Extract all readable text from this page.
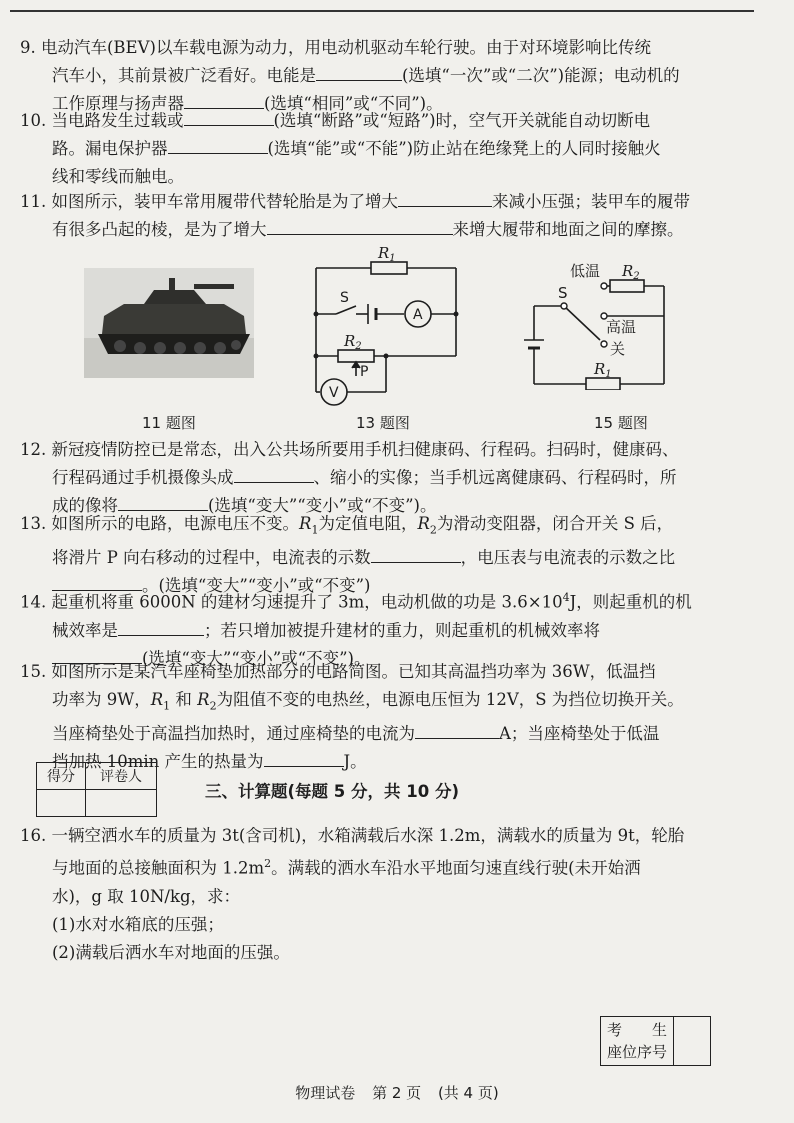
9. 电动汽车(BEV)以车载电源为动力，用电动机驱动车轮行驶。由于对环境影响比传统
汽车小，其前景被广泛看好。电能是	(选填“一次”或“二次”)能源；电动机的
工作原理与扬声器	(选填“相同”或“不同”)。
10. 当电路发生过载或	(选填“断路”或“短路”)时，空气开关就能自动切断电
路。漏电保护器	(选填“能”或“不能”)防止站在绝缘凳上的人同时接触火
线和零线而触电。
11. 如图所示，装甲车常用履带代替轮胎是为了增大	来减小压强；装甲车的履带
有很多凸起的棱，是为了增大	来增大履带和地面之间的摩擦。
$R_1$
$R_2$
S
A
V
P
低温
S
高温
关
$R_2$
$R_1$
11 题图	13 题图	15 题图
12. 新冠疫情防控已是常态，出入公共场所要用手机扫健康码、行程码。扫码时，健康码、
行程码通过手机摄像头成	、缩小的实像；当手机远离健康码、行程码时，所
成的像将	(选填“变大”“变小”或“不变”)。
13. 如图所示的电路，电源电压不变。$R_1$为定值电阻，$R_2$为滑动变阻器，闭合开关 S 后，
将滑片 P 向右移动的过程中，电流表的示数	，电压表与电流表的示数之比
。(选填“变大”“变小”或“不变”)
14. 起重机将重 6000N 的建材匀速提升了 3m，电动机做的功是 $3.6\times 10^4J$，则起重机的机
械效率是	；若只增加被提升建材的重力，则起重机的机械效率将
(选填“变大”“变小”或“不变”)。
15. 如图所示是某汽车座椅垫加热部分的电路简图。已知其高温挡功率为 36W，低温挡
功率为 9W，$R_1$ 和 $R_2$为阻值不变的电热丝，电源电压恒为 12V，S 为挡位切换开关。
当座椅垫处于高温挡加热时，通过座椅垫的电流为	A；当座椅垫处于低温
挡加热 10min 产生的热量为	J。
得分	评卷人

三、计算题(每题 5 分，共 10 分)
16. 一辆空洒水车的质量为 3t(含司机)，水箱满载后水深 1.2m，满载水的质量为 9t，轮胎
与地面的总接触面积为 $1.2m^2$。满载的洒水车沿水平地面匀速直线行驶(未开始洒
水)，g 取 10N/kg，求：
(1)水对水箱底的压强；
(2)满载后洒水车对地面的压强。
考　　生
座位序号

物理试卷 第 2 页 (共 4 页)
